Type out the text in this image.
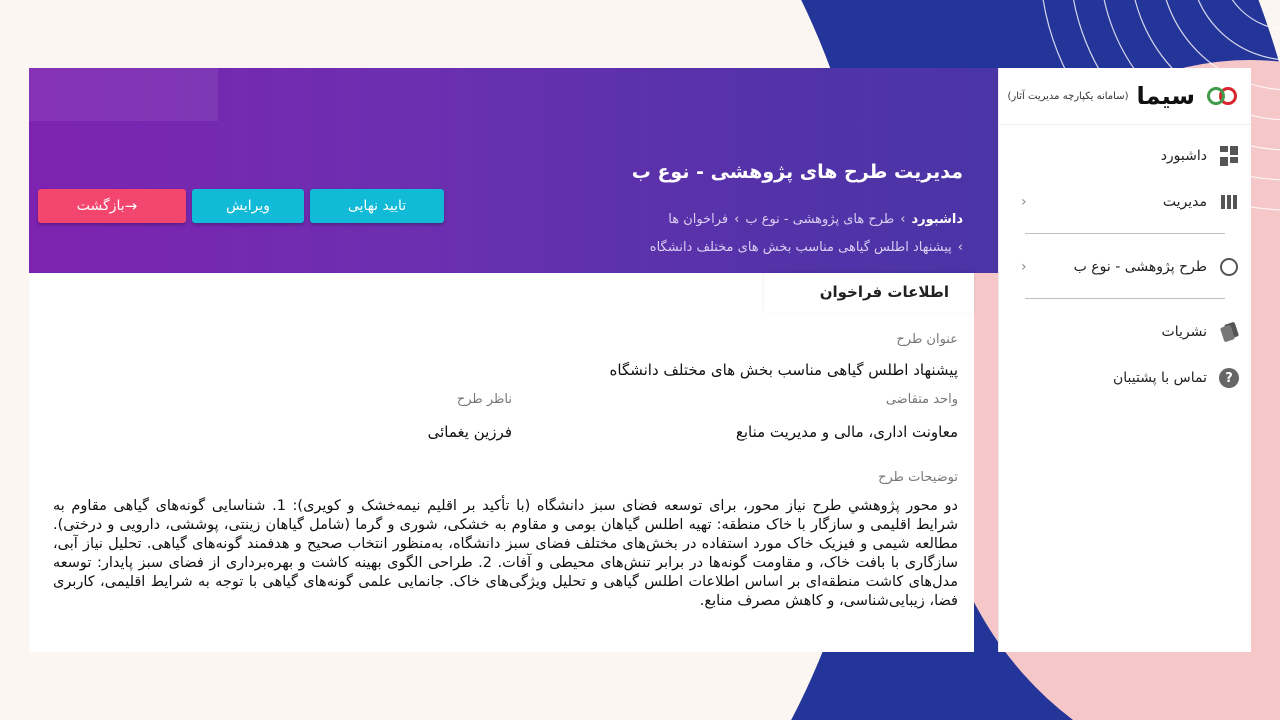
سیما
(سامانه یکپارچه مدیریت آثار)
داشبورد
مدیریت
‹
طرح پژوهشی - نوع ب
‹
نشریات
?
تماس با پشتیبان
مدیریت طرح های پژوهشی - نوع ب
داشبورد›طرح های پژوهشی - نوع ب›فراخوان ها
›پیشنهاد اطلس گیاهی مناسب بخش های مختلف دانشگاه
بازگشت →	ویرایش	تایید نهایی
اطلاعات فراخوان
عنوان طرح
پیشنهاد اطلس گیاهی مناسب بخش های مختلف دانشگاه
واحد متقاضی
معاونت اداری، مالی و مدیریت منابع
ناظر طرح
فرزین یغمائی
توضیحات طرح

دو محور پژوهشي طرح نیاز محور، برای توسعه فضای سبز دانشگاه (با تأکید بر اقلیم نیمه‌خشک و کویری): 1. شناسایی گونه‌های گیاهی مقاوم به شرایط اقلیمی و سازگار با خاک منطقه: تهیه اطلس گیاهان بومی و مقاوم به خشکی، شوری و گرما (شامل گیاهان زینتی، پوششی، دارویی و درختی). مطالعه شیمی و فیزیک خاک مورد استفاده در بخش‌های مختلف فضای سبز دانشگاه، به‌منظور انتخاب صحیح و هدفمند گونه‌های گیاهی. تحلیل نیاز آبی، سازگاری با بافت خاک، و مقاومت گونه‌ها در برابر تنش‌های محیطی و آفات. 2. طراحی الگوی بهینه کاشت و بهره‌برداری از فضای سبز پایدار: توسعه مدل‌های کاشت منطقه‌ای بر اساس اطلاعات اطلس گیاهی و تحلیل ویژگی‌های خاک. جانمایی علمی گونه‌های گیاهی با توجه به شرایط اقلیمی، کاربری فضا، زیبایی‌شناسی، و کاهش مصرف منابع.
